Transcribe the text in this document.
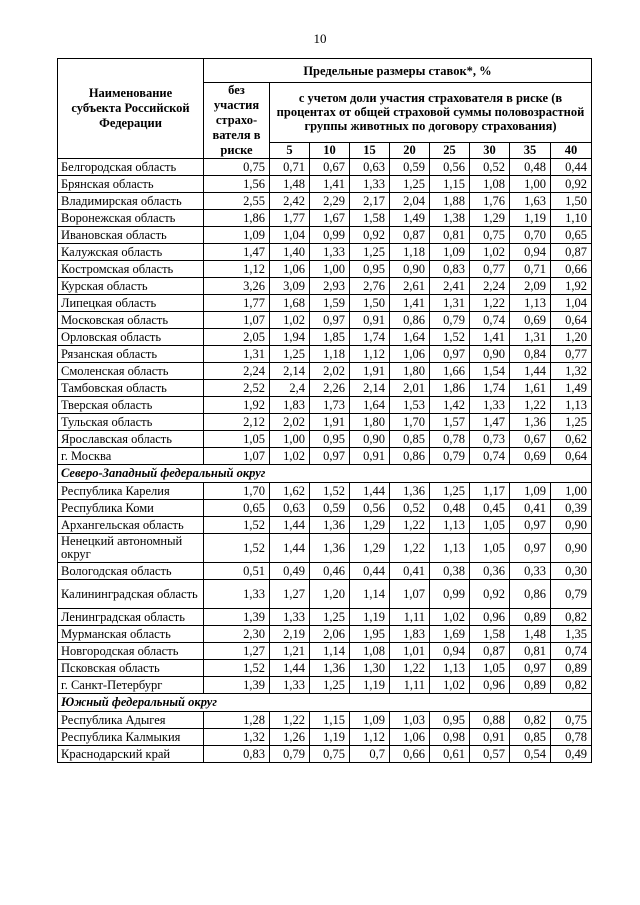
10
Наименование субъекта Российской Федерации	Предельные размеры ставок*, %								
	без участия страхо-вателя в риске	с учетом доли участия страхователя в риске (в процентах от общей страховой суммы половозрастной группы животных по договору страхования)							
		5	10	15	20	25	30	35	40
Белгородская область	0,75	0,71	0,67	0,63	0,59	0,56	0,52	0,48	0,44
Брянская область	1,56	1,48	1,41	1,33	1,25	1,15	1,08	1,00	0,92
Владимирская область	2,55	2,42	2,29	2,17	2,04	1,88	1,76	1,63	1,50
Воронежская область	1,86	1,77	1,67	1,58	1,49	1,38	1,29	1,19	1,10
Ивановская область	1,09	1,04	0,99	0,92	0,87	0,81	0,75	0,70	0,65
Калужская область	1,47	1,40	1,33	1,25	1,18	1,09	1,02	0,94	0,87
Костромская область	1,12	1,06	1,00	0,95	0,90	0,83	0,77	0,71	0,66
Курская область	3,26	3,09	2,93	2,76	2,61	2,41	2,24	2,09	1,92
Липецкая область	1,77	1,68	1,59	1,50	1,41	1,31	1,22	1,13	1,04
Московская область	1,07	1,02	0,97	0,91	0,86	0,79	0,74	0,69	0,64
Орловская область	2,05	1,94	1,85	1,74	1,64	1,52	1,41	1,31	1,20
Рязанская область	1,31	1,25	1,18	1,12	1,06	0,97	0,90	0,84	0,77
Смоленская область	2,24	2,14	2,02	1,91	1,80	1,66	1,54	1,44	1,32
Тамбовская область	2,52	2,4	2,26	2,14	2,01	1,86	1,74	1,61	1,49
Тверская область	1,92	1,83	1,73	1,64	1,53	1,42	1,33	1,22	1,13
Тульская область	2,12	2,02	1,91	1,80	1,70	1,57	1,47	1,36	1,25
Ярославская область	1,05	1,00	0,95	0,90	0,85	0,78	0,73	0,67	0,62
г. Москва	1,07	1,02	0,97	0,91	0,86	0,79	0,74	0,69	0,64
Северо-Западный федеральный округ									
Республика Карелия	1,70	1,62	1,52	1,44	1,36	1,25	1,17	1,09	1,00
Республика Коми	0,65	0,63	0,59	0,56	0,52	0,48	0,45	0,41	0,39
Архангельская область	1,52	1,44	1,36	1,29	1,22	1,13	1,05	0,97	0,90
Ненецкий автономный округ	1,52	1,44	1,36	1,29	1,22	1,13	1,05	0,97	0,90
Вологодская область	0,51	0,49	0,46	0,44	0,41	0,38	0,36	0,33	0,30
Калининградская область	1,33	1,27	1,20	1,14	1,07	0,99	0,92	0,86	0,79
Ленинградская область	1,39	1,33	1,25	1,19	1,11	1,02	0,96	0,89	0,82
Мурманская область	2,30	2,19	2,06	1,95	1,83	1,69	1,58	1,48	1,35
Новгородская область	1,27	1,21	1,14	1,08	1,01	0,94	0,87	0,81	0,74
Псковская область	1,52	1,44	1,36	1,30	1,22	1,13	1,05	0,97	0,89
г. Санкт-Петербург	1,39	1,33	1,25	1,19	1,11	1,02	0,96	0,89	0,82
Южный федеральный округ									
Республика Адыгея	1,28	1,22	1,15	1,09	1,03	0,95	0,88	0,82	0,75
Республика Калмыкия	1,32	1,26	1,19	1,12	1,06	0,98	0,91	0,85	0,78
Краснодарский край	0,83	0,79	0,75	0,7	0,66	0,61	0,57	0,54	0,49
